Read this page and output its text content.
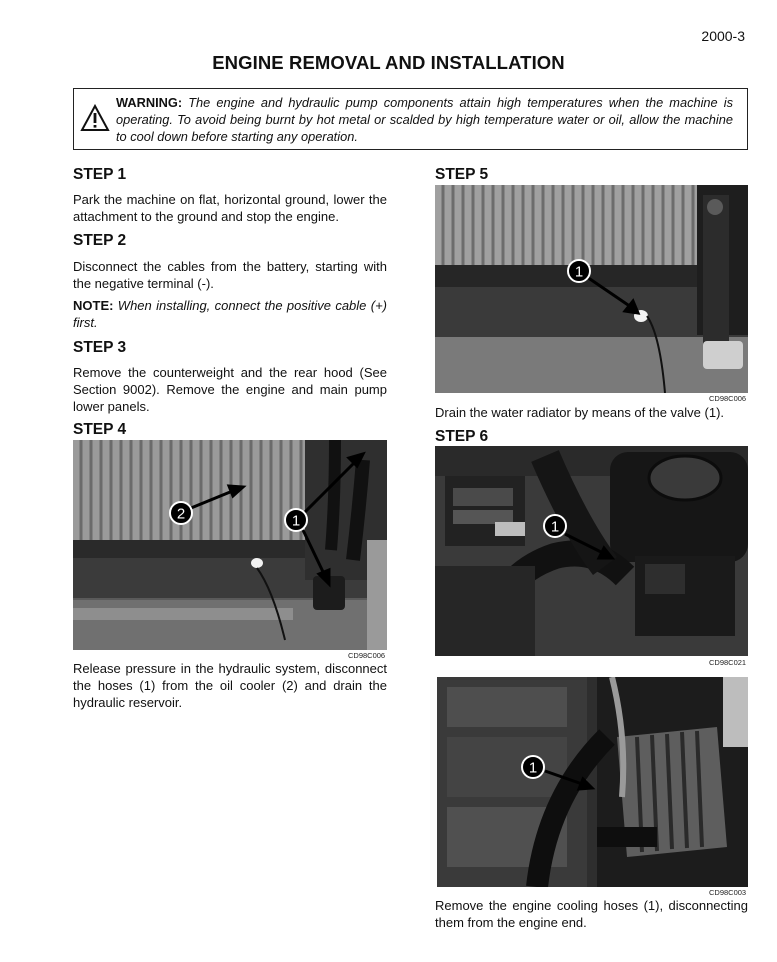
2000-3
ENGINE REMOVAL AND INSTALLATION
WARNING: The engine and hydraulic pump components attain high temperatures when the machine is operating. To avoid being burnt by hot metal or scalded by high temperature water or oil, allow the machine to cool down before starting any operation.
STEP 1
Park the machine on flat, horizontal ground, lower the attachment to the ground and stop the engine.
STEP 2
Disconnect the cables from the battery, starting with the negative terminal (-).
NOTE: When installing, connect the positive cable (+) first.
STEP 3
Remove the counterweight and the rear hood (See Section 9002). Remove the engine and main pump lower panels.
STEP 4
2	1
CD98C006
Release pressure in the hydraulic system, disconnect the hoses (1) from the oil cooler (2) and drain the hydraulic reservoir.
STEP 5
1
CD98C006
Drain the water radiator by means of the valve (1).
STEP 6
1
CD98C021
1
CD98C003
Remove the engine cooling hoses (1), disconnecting them from the engine end.
